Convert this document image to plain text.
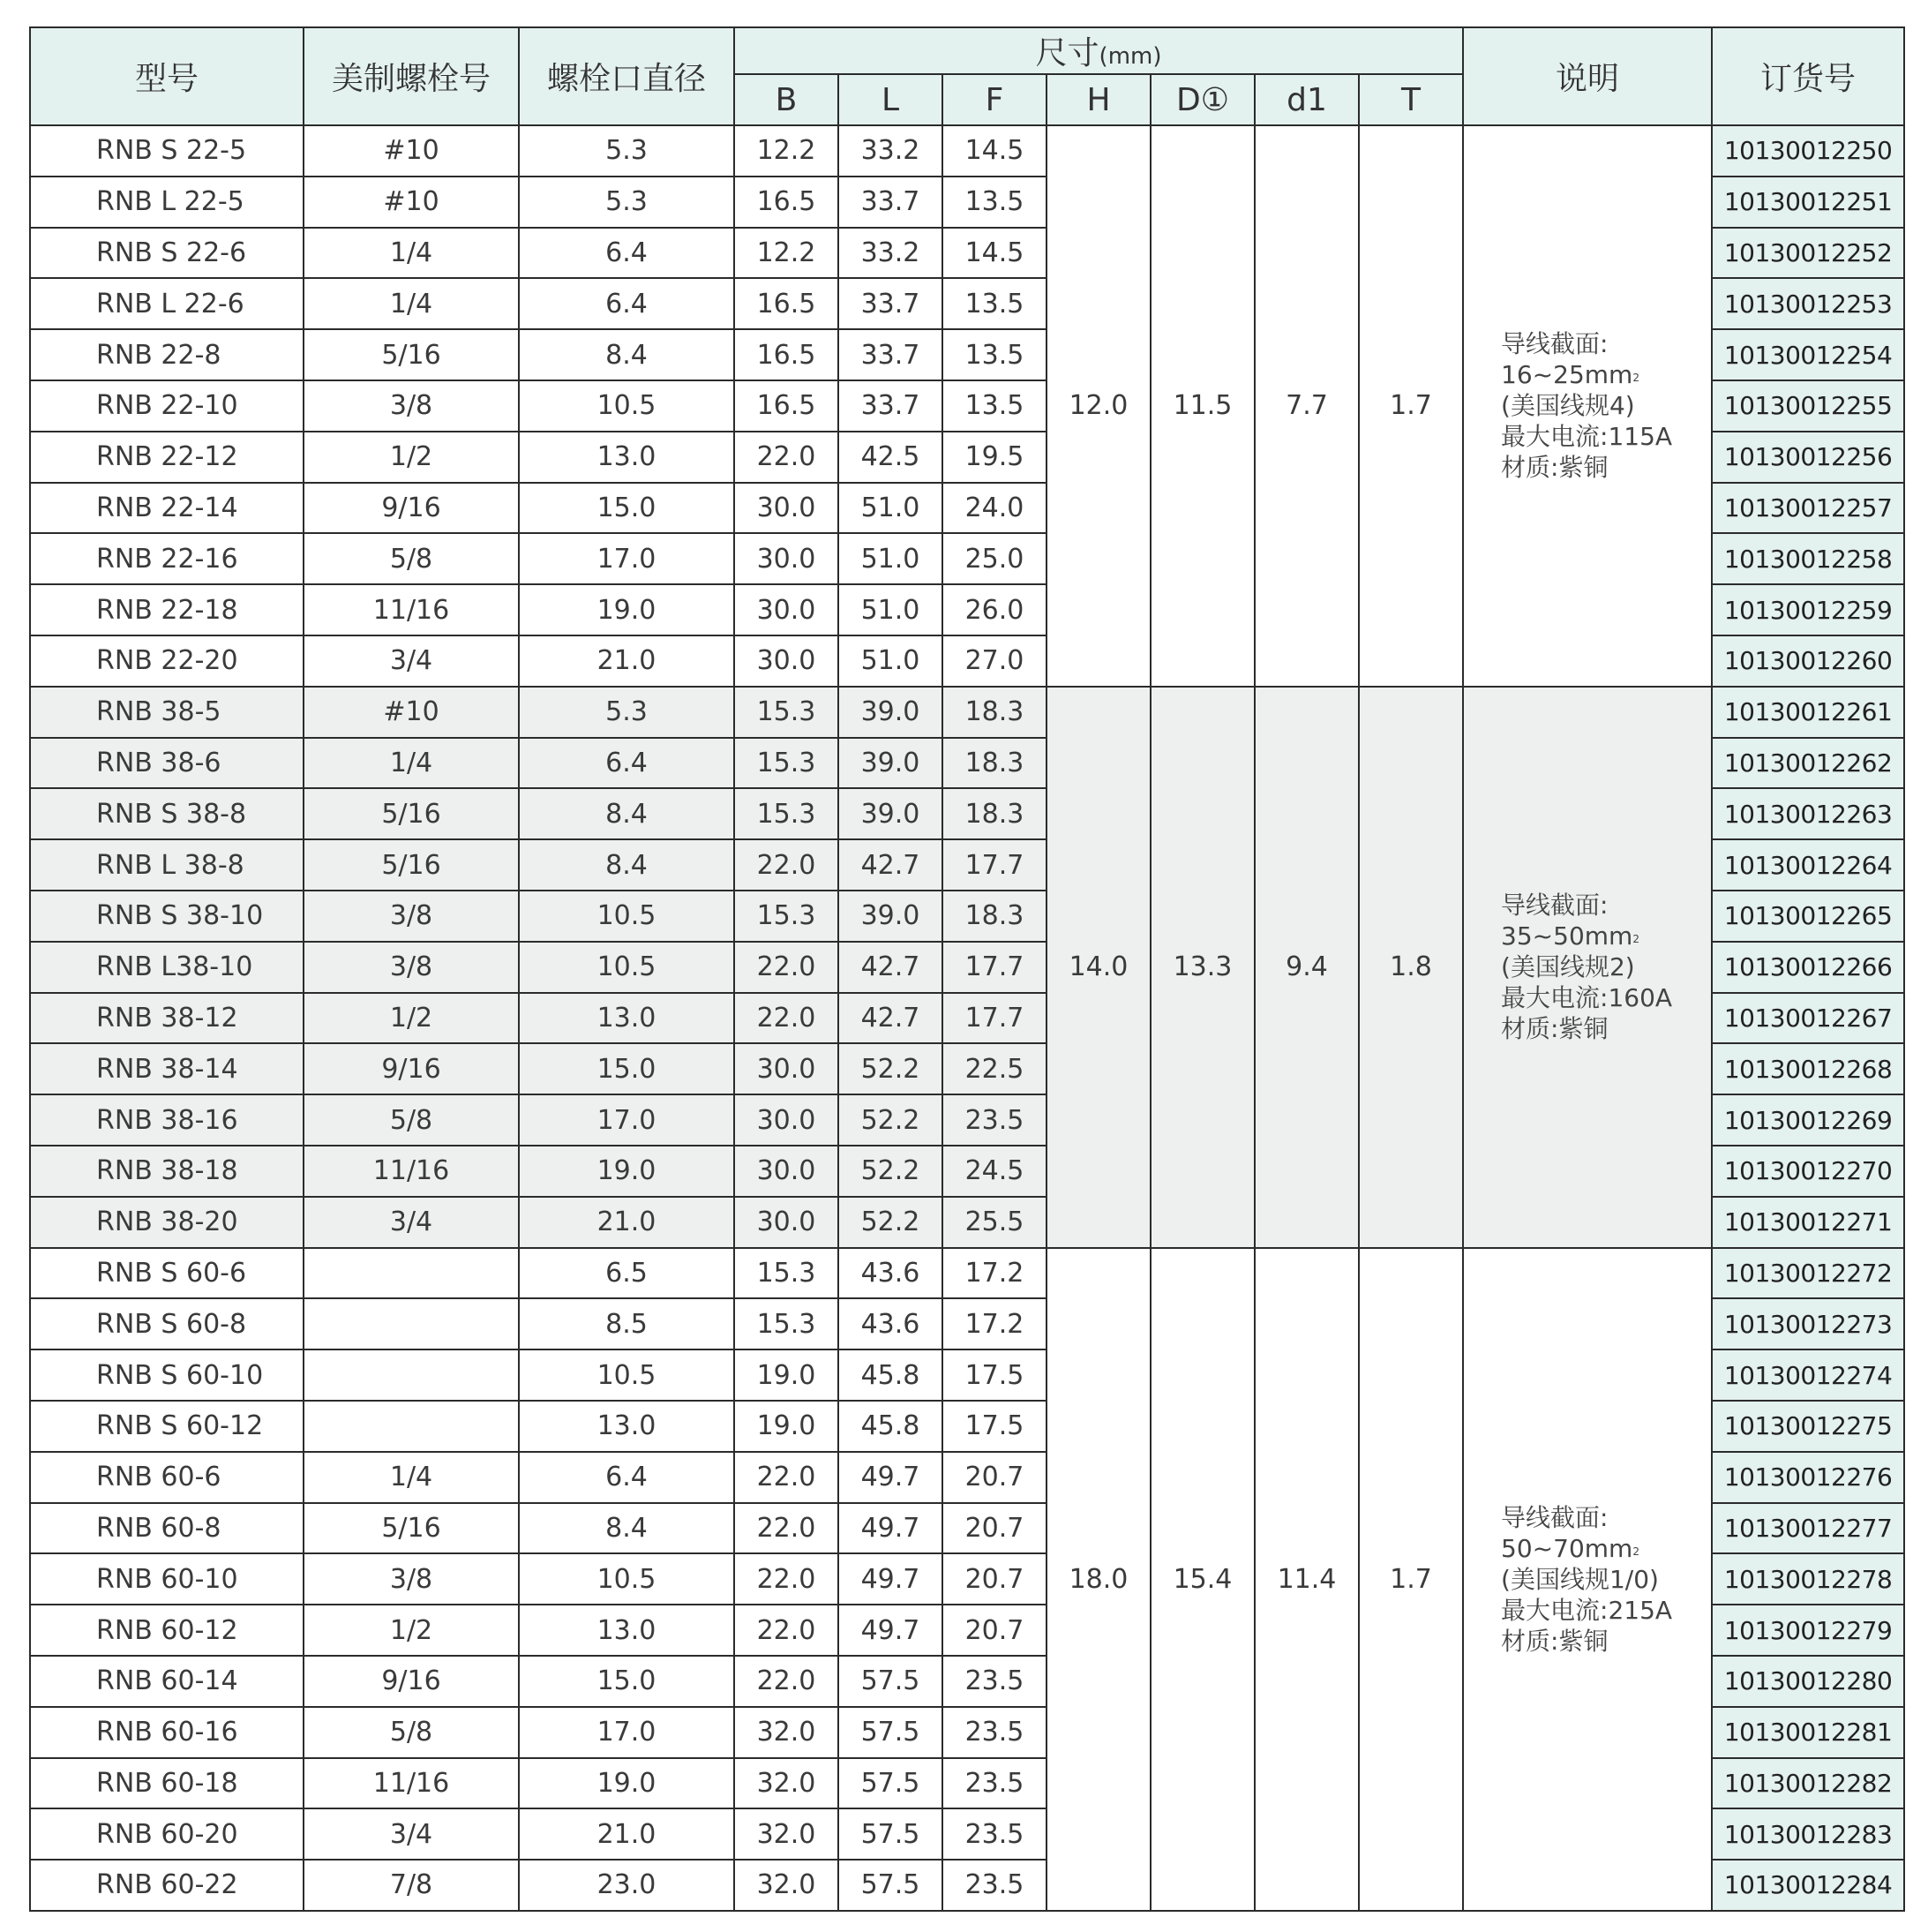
型号	美制螺栓号	螺栓口直径	尺寸(mm)							说明	订货号
			B	L	F	H	D①	d1	T		
RNB S 22-5	#10	5.3	12.2	33.2	14.5	12.0	11.5	7.7	1.7	导线截面:
$16\sim 25mm^2$
(美国线规4)
最大电流:115A
材质:紫铜	10130012250
RNB L 22-5	#10	5.3	16.5	33.7	13.5						10130012251
RNB S 22-6	1/4	6.4	12.2	33.2	14.5						10130012252
RNB L 22-6	1/4	6.4	16.5	33.7	13.5						10130012253
RNB 22-8	5/16	8.4	16.5	33.7	13.5						10130012254
RNB 22-10	3/8	10.5	16.5	33.7	13.5						10130012255
RNB 22-12	1/2	13.0	22.0	42.5	19.5						10130012256
RNB 22-14	9/16	15.0	30.0	51.0	24.0						10130012257
RNB 22-16	5/8	17.0	30.0	51.0	25.0						10130012258
RNB 22-18	11/16	19.0	30.0	51.0	26.0						10130012259
RNB 22-20	3/4	21.0	30.0	51.0	27.0						10130012260
RNB 38-5	#10	5.3	15.3	39.0	18.3	14.0	13.3	9.4	1.8	导线截面:
$35\sim 50mm^2$
(美国线规2)
最大电流:160A
材质:紫铜	10130012261
RNB 38-6	1/4	6.4	15.3	39.0	18.3						10130012262
RNB S 38-8	5/16	8.4	15.3	39.0	18.3						10130012263
RNB L 38-8	5/16	8.4	22.0	42.7	17.7						10130012264
RNB S 38-10	3/8	10.5	15.3	39.0	18.3						10130012265
RNB L38-10	3/8	10.5	22.0	42.7	17.7						10130012266
RNB 38-12	1/2	13.0	22.0	42.7	17.7						10130012267
RNB 38-14	9/16	15.0	30.0	52.2	22.5						10130012268
RNB 38-16	5/8	17.0	30.0	52.2	23.5						10130012269
RNB 38-18	11/16	19.0	30.0	52.2	24.5						10130012270
RNB 38-20	3/4	21.0	30.0	52.2	25.5						10130012271
RNB S 60-6		6.5	15.3	43.6	17.2	18.0	15.4	11.4	1.7	导线截面:
$50\sim 70mm^2$
(美国线规1/0)
最大电流:215A
材质:紫铜	10130012272
RNB S 60-8		8.5	15.3	43.6	17.2						10130012273
RNB S 60-10		10.5	19.0	45.8	17.5						10130012274
RNB S 60-12		13.0	19.0	45.8	17.5						10130012275
RNB 60-6	1/4	6.4	22.0	49.7	20.7						10130012276
RNB 60-8	5/16	8.4	22.0	49.7	20.7						10130012277
RNB 60-10	3/8	10.5	22.0	49.7	20.7						10130012278
RNB 60-12	1/2	13.0	22.0	49.7	20.7						10130012279
RNB 60-14	9/16	15.0	22.0	57.5	23.5						10130012280
RNB 60-16	5/8	17.0	32.0	57.5	23.5						10130012281
RNB 60-18	11/16	19.0	32.0	57.5	23.5						10130012282
RNB 60-20	3/4	21.0	32.0	57.5	23.5						10130012283
RNB 60-22	7/8	23.0	32.0	57.5	23.5						10130012284
